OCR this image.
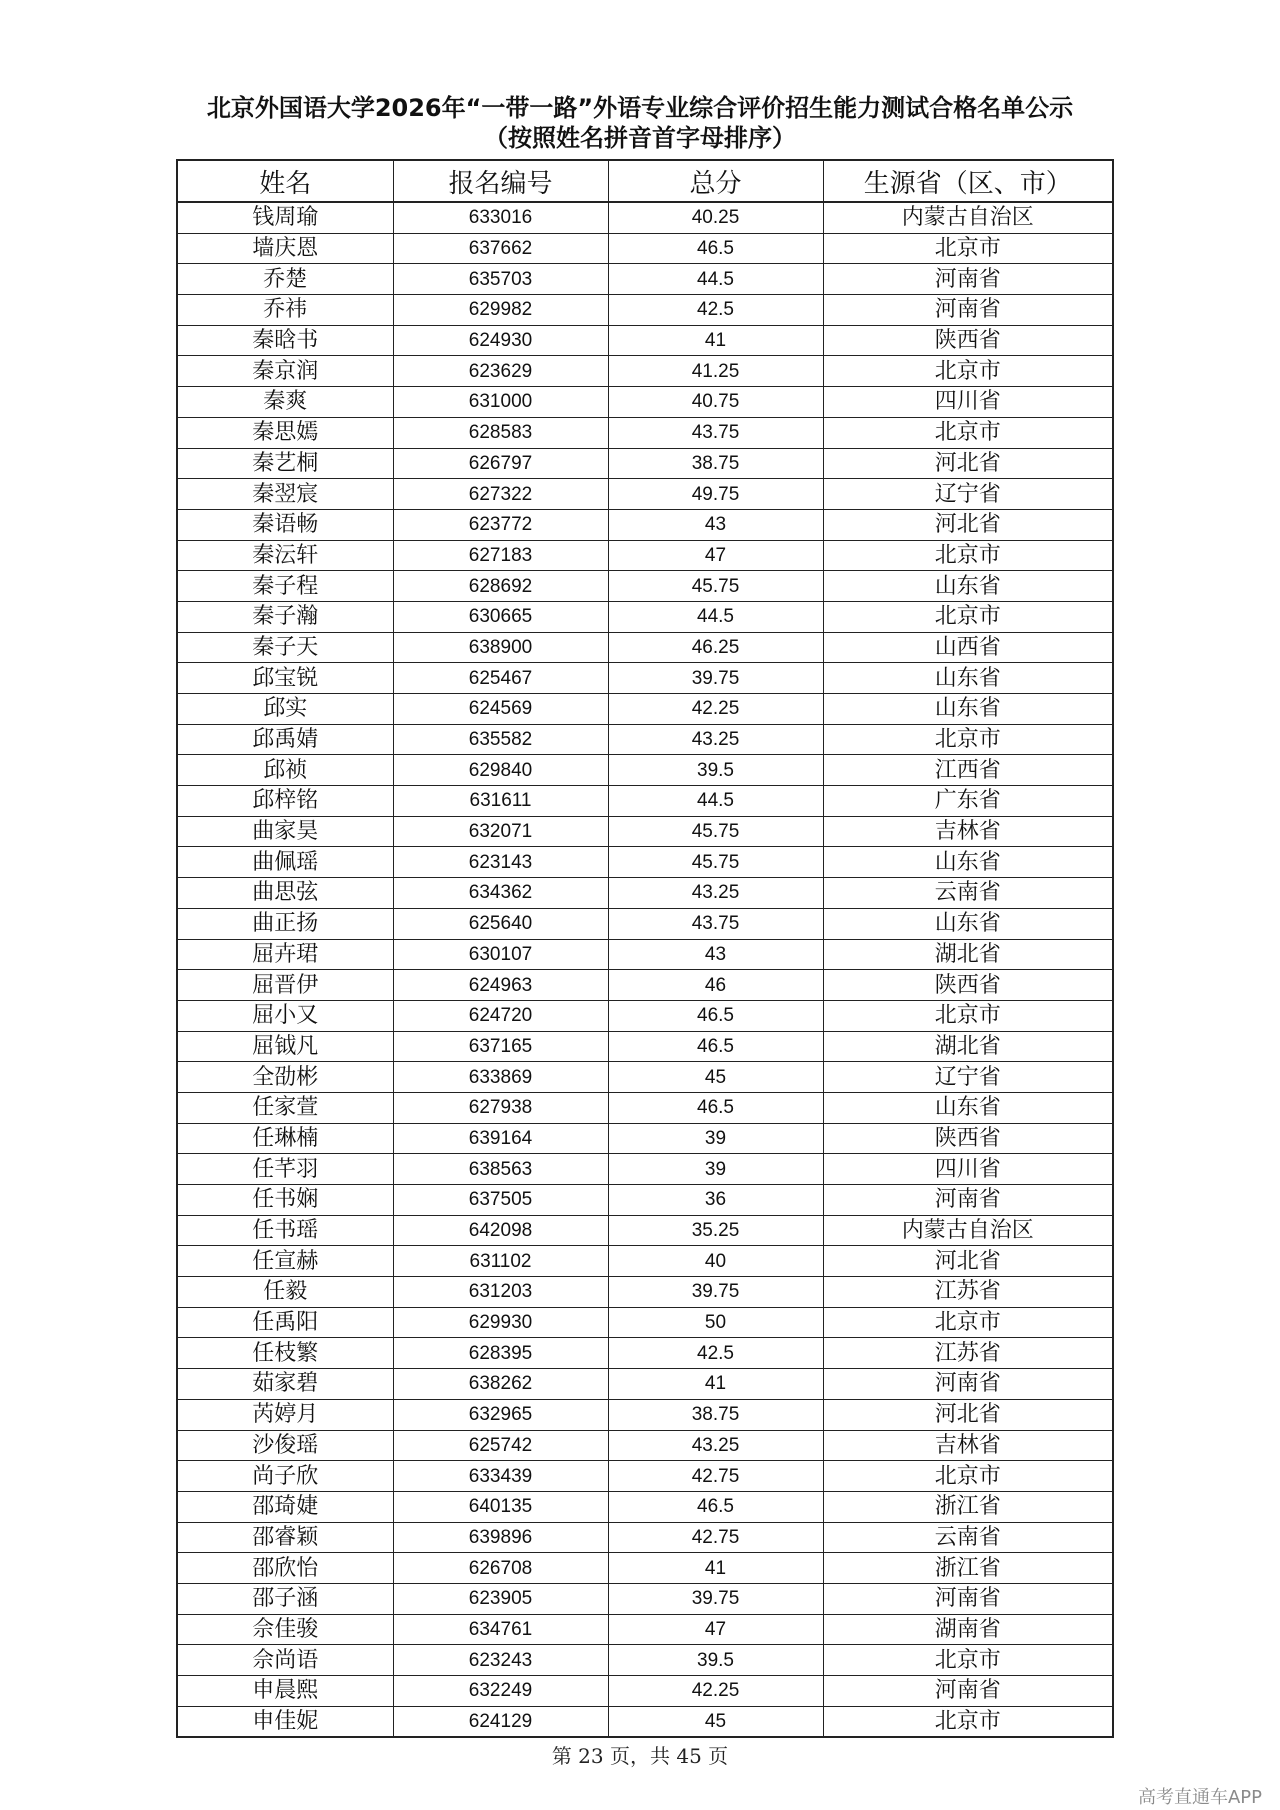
北京外国语大学2026年“一带一路”外语专业综合评价招生能力测试合格名单公示
（按照姓名拼音首字母排序）
姓名	报名编号	总分	生源省（区、市）
钱周瑜	633016	40.25	内蒙古自治区
墙庆恩	637662	46.5	北京市
乔楚	635703	44.5	河南省
乔祎	629982	42.5	河南省
秦晗书	624930	41	陕西省
秦京润	623629	41.25	北京市
秦爽	631000	40.75	四川省
秦思嫣	628583	43.75	北京市
秦艺桐	626797	38.75	河北省
秦翌宸	627322	49.75	辽宁省
秦语畅	623772	43	河北省
秦沄轩	627183	47	北京市
秦子程	628692	45.75	山东省
秦子瀚	630665	44.5	北京市
秦子天	638900	46.25	山西省
邱宝锐	625467	39.75	山东省
邱实	624569	42.25	山东省
邱禹婧	635582	43.25	北京市
邱祯	629840	39.5	江西省
邱梓铭	631611	44.5	广东省
曲家昊	632071	45.75	吉林省
曲佩瑶	623143	45.75	山东省
曲思弦	634362	43.25	云南省
曲正扬	625640	43.75	山东省
屈卉珺	630107	43	湖北省
屈晋伊	624963	46	陕西省
屈小又	624720	46.5	北京市
屈钺凡	637165	46.5	湖北省
全劭彬	633869	45	辽宁省
任家萱	627938	46.5	山东省
任琳楠	639164	39	陕西省
任芊羽	638563	39	四川省
任书娴	637505	36	河南省
任书瑶	642098	35.25	内蒙古自治区
任宣赫	631102	40	河北省
任毅	631203	39.75	江苏省
任禹阳	629930	50	北京市
任枝繁	628395	42.5	江苏省
茹家碧	638262	41	河南省
芮婷月	632965	38.75	河北省
沙俊瑶	625742	43.25	吉林省
尚子欣	633439	42.75	北京市
邵琦婕	640135	46.5	浙江省
邵睿颖	639896	42.75	云南省
邵欣怡	626708	41	浙江省
邵子涵	623905	39.75	河南省
佘佳骏	634761	47	湖南省
佘尚语	623243	39.5	北京市
申晨熙	632249	42.25	河南省
申佳妮	624129	45	北京市
第 23 页，共 45 页
高考直通车APP
